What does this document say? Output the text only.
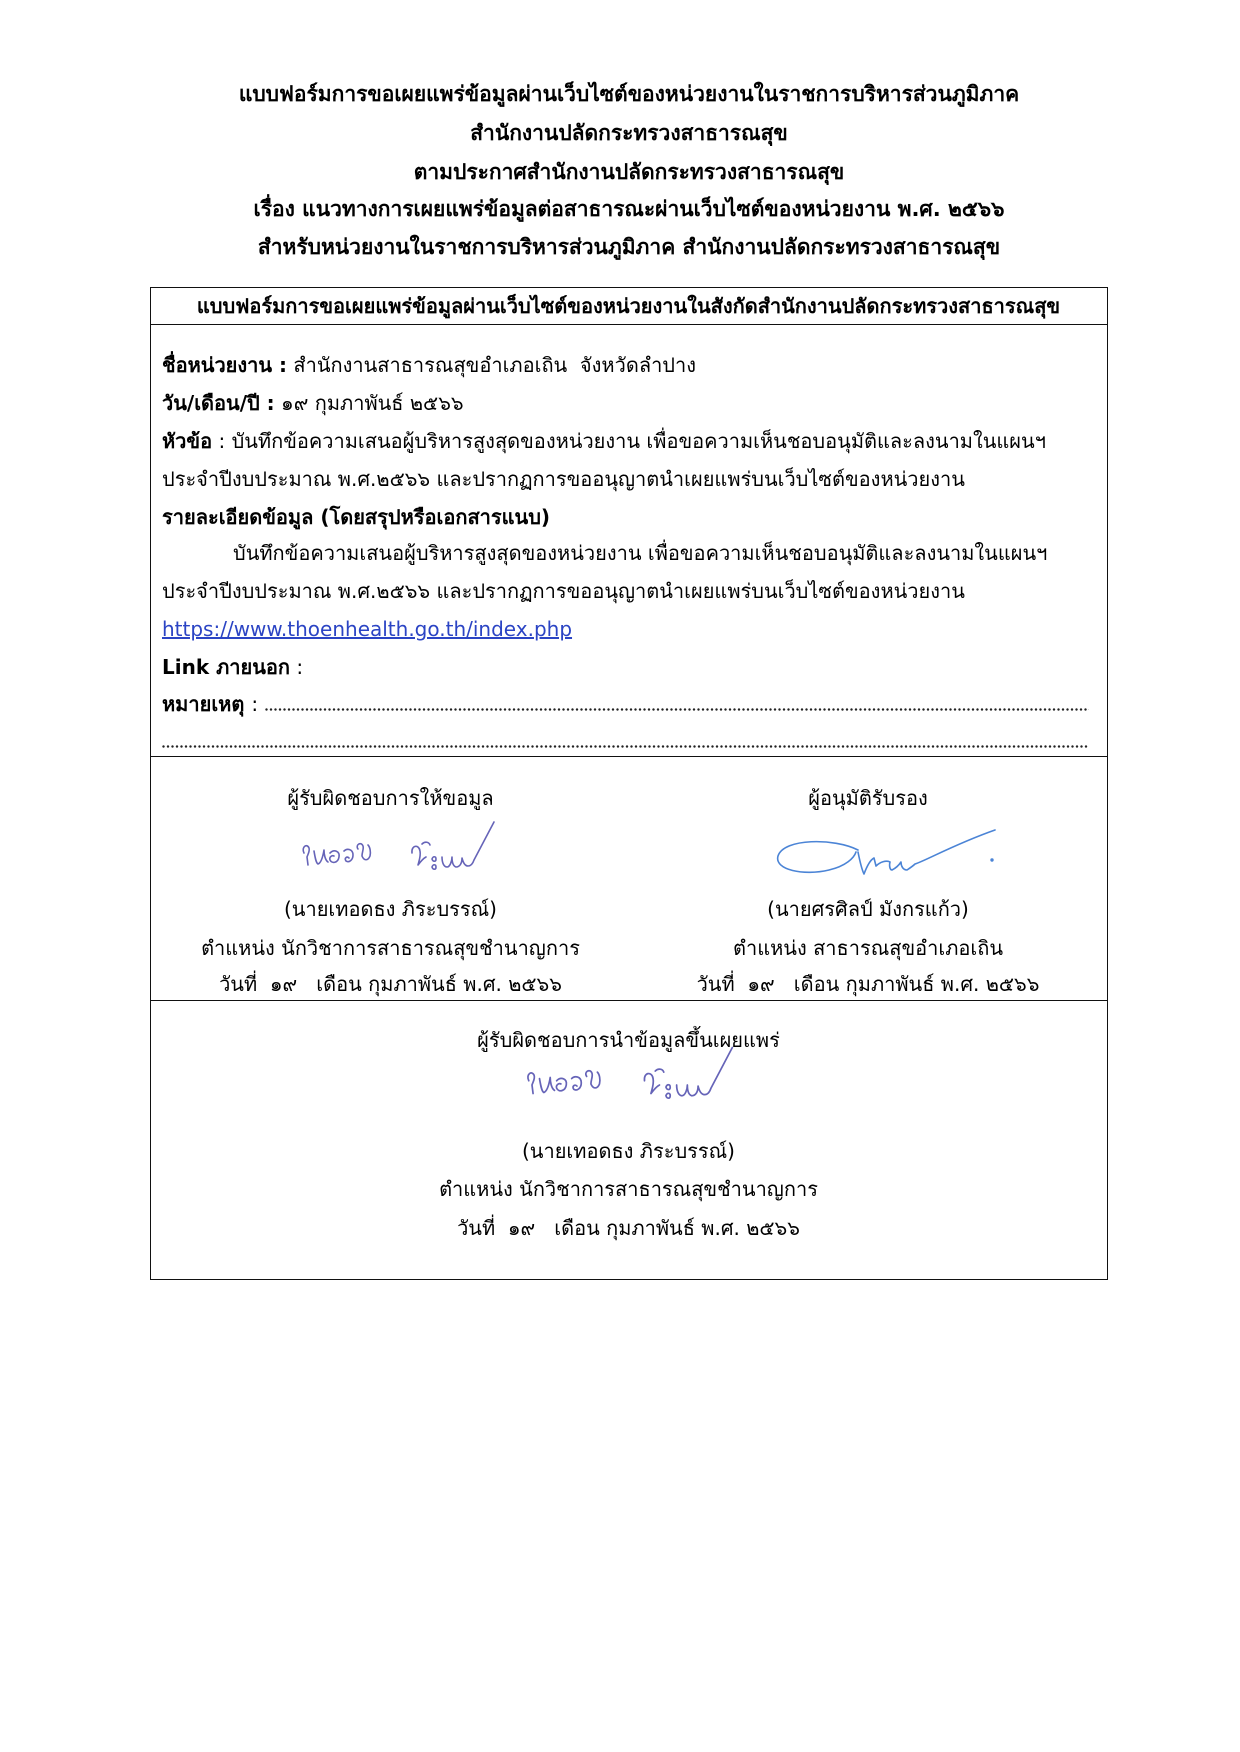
แบบฟอร์มการขอเผยแพร่ข้อมูลผ่านเว็บไซต์ของหน่วยงานในราชการบริหารส่วนภูมิภาค
สำนักงานปลัดกระทรวงสาธารณสุข
ตามประกาศสำนักงานปลัดกระทรวงสาธารณสุข
เรื่อง แนวทางการเผยแพร่ข้อมูลต่อสาธารณะผ่านเว็บไซต์ของหน่วยงาน พ.ศ. ๒๕๖๖
สำหรับหน่วยงานในราชการบริหารส่วนภูมิภาค สำนักงานปลัดกระทรวงสาธารณสุข
แบบฟอร์มการขอเผยแพร่ข้อมูลผ่านเว็บไซต์ของหน่วยงานในสังกัดสำนักงานปลัดกระทรวงสาธารณสุข
ชื่อหน่วยงาน : สำนักงานสาธารณสุขอำเภอเถิน  จังหวัดลำปาง
วัน/เดือน/ปี : ๑๙ กุมภาพันธ์ ๒๕๖๖
หัวข้อ : บันทึกข้อความเสนอผู้บริหารสูงสุดของหน่วยงาน เพื่อขอความเห็นชอบอนุมัติและลงนามในแผนฯ
ประจำปีงบประมาณ พ.ศ.๒๕๖๖ และปรากฏการขออนุญาตนำเผยแพร่บนเว็บไซต์ของหน่วยงาน
รายละเอียดข้อมูล (โดยสรุปหรือเอกสารแนบ)
บันทึกข้อความเสนอผู้บริหารสูงสุดของหน่วยงาน เพื่อขอความเห็นชอบอนุมัติและลงนามในแผนฯ
ประจำปีงบประมาณ พ.ศ.๒๕๖๖ และปรากฏการขออนุญาตนำเผยแพร่บนเว็บไซต์ของหน่วยงาน
https://www.thoenhealth.go.th/index.php
Link ภายนอก :
หมายเหตุ :
ผู้รับผิดชอบการให้ขอมูล	ผู้อนุมัติรับรอง
(นายเทอดธง ภิระบรรณ์)	(นายศรศิลป์ มังกรแก้ว)
ตำแหน่ง นักวิชาการสาธารณสุขชำนาญการ	ตำแหน่ง สาธารณสุขอำเภอเถิน
วันที่  ๑๙   เดือน กุมภาพันธ์ พ.ศ. ๒๕๖๖	วันที่  ๑๙   เดือน กุมภาพันธ์ พ.ศ. ๒๕๖๖
ผู้รับผิดชอบการนำข้อมูลขึ้นเผยแพร่
(นายเทอดธง ภิระบรรณ์)
ตำแหน่ง นักวิชาการสาธารณสุขชำนาญการ
วันที่  ๑๙   เดือน กุมภาพันธ์ พ.ศ. ๒๕๖๖
